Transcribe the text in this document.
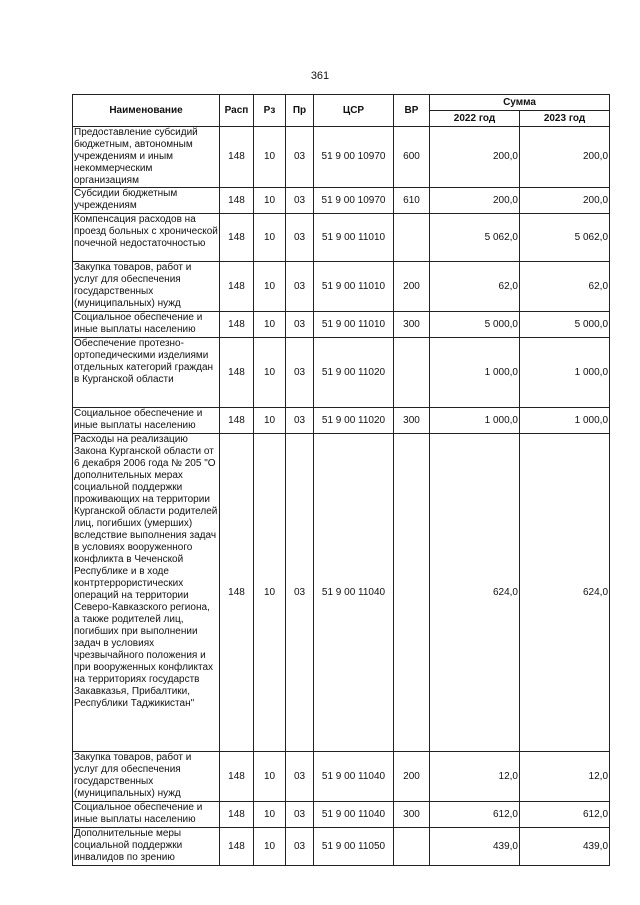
361
Наименование	Расп	Рз	Пр	ЦСР	ВР	Сумма	
						2022 год	2023 год
Предоставление субсидий бюджетным, автономным учреждениям и иным некоммерческим организациям	148	10	03	51 9 00 10970	600	200,0	200,0
Субсидии бюджетным учреждениям	148	10	03	51 9 00 10970	610	200,0	200,0
Компенсация расходов на проезд больных с хронической почечной недостаточностью	148	10	03	51 9 00 11010		5 062,0	5 062,0
Закупка товаров, работ и услуг для обеспечения государственных (муниципальных) нужд	148	10	03	51 9 00 11010	200	62,0	62,0
Социальное обеспечение и иные выплаты населению	148	10	03	51 9 00 11010	300	5 000,0	5 000,0
Обеспечение протезно-ортопедическими изделиями отдельных категорий граждан в Курганской области	148	10	03	51 9 00 11020		1 000,0	1 000,0
Социальное обеспечение и иные выплаты населению	148	10	03	51 9 00 11020	300	1 000,0	1 000,0
Расходы на реализацию Закона Курганской области от 6 декабря 2006 года № 205 "О дополнительных мерах социальной поддержки проживающих на территории Курганской области родителей лиц, погибших (умерших) вследствие выполнения задач в условиях вооруженного конфликта в Чеченской Республике и в ходе контртеррористических операций на территории Северо-Кавказского региона, а также родителей лиц, погибших при выполнении задач в условиях чрезвычайного положения и при вооруженных конфликтах на территориях государств Закавказья, Прибалтики, Республики Таджикистан"	148	10	03	51 9 00 11040		624,0	624,0
Закупка товаров, работ и услуг для обеспечения государственных (муниципальных) нужд	148	10	03	51 9 00 11040	200	12,0	12,0
Социальное обеспечение и иные выплаты населению	148	10	03	51 9 00 11040	300	612,0	612,0
Дополнительные меры социальной поддержки инвалидов по зрению	148	10	03	51 9 00 11050		439,0	439,0
